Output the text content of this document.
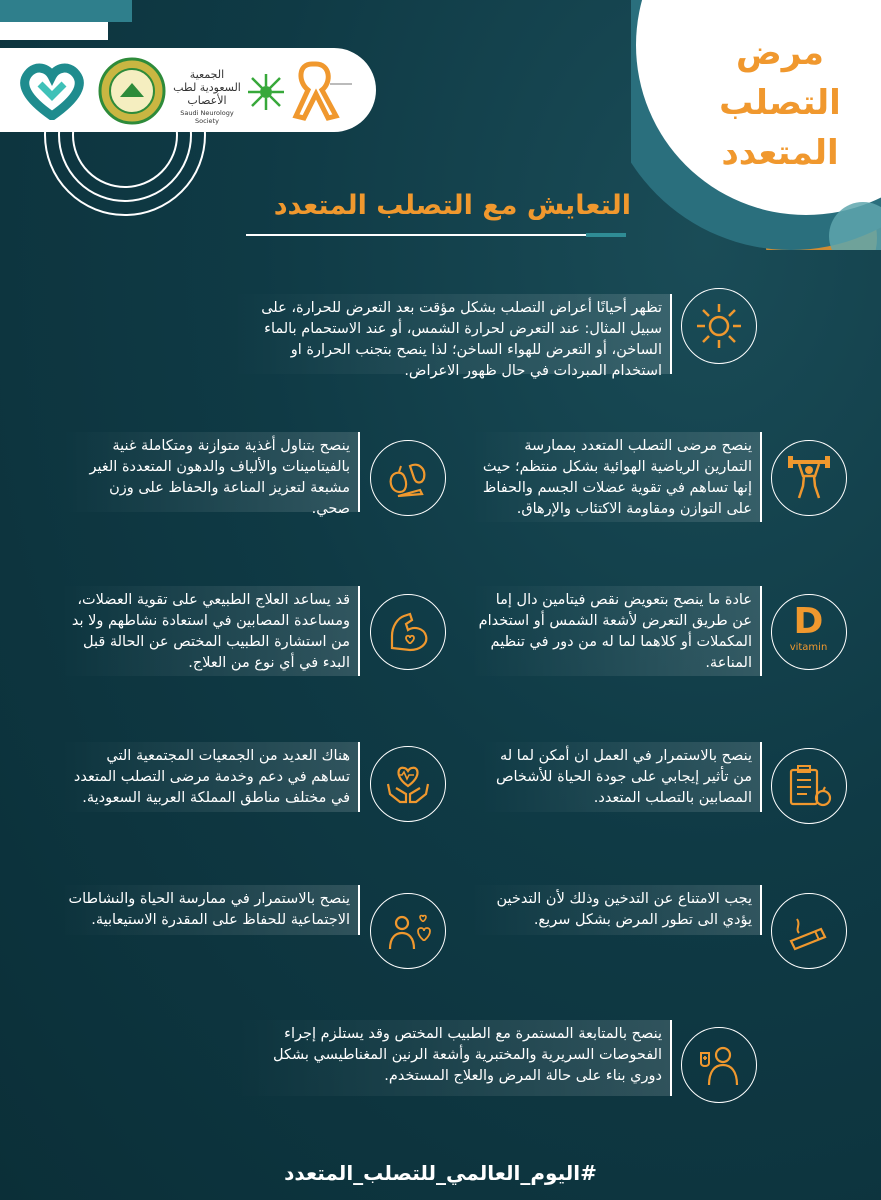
الجمعية السعودية لطب الأعصاب
Saudi Neurology Society
مرض
التصلب
المتعدد
التعايش مع التصلب المتعدد
تظهر أحيانًا أعراض التصلب بشكل مؤقت بعد التعرض للحرارة، على سبيل المثال: عند التعرض لحرارة الشمس، أو عند الاستحمام بالماء الساخن، أو التعرض للهواء الساخن؛ لذا ينصح بتجنب الحرارة او استخدام المبردات في حال ظهور الاعراض.
ينصح مرضى التصلب المتعدد بممارسة التمارين الرياضية الهوائية بشكل منتظم؛ حيث إنها تساهم في تقوية عضلات الجسم والحفاظ على التوازن ومقاومة الاكتئاب والإرهاق.
ينصح بتناول أغذية متوازنة ومتكاملة غنية بالفيتامينات والألياف والدهون المتعددة الغير مشبعة لتعزيز المناعة والحفاظ على وزن صحي.
D
vitamin
عادة ما ينصح بتعويض نقص فيتامين دال إما عن طريق التعرض لأشعة الشمس أو استخدام المكملات أو كلاهما لما له من دور في تنظيم المناعة.
قد يساعد العلاج الطبيعي على تقوية العضلات، ومساعدة المصابين في استعادة نشاطهم ولا بد من استشارة الطبيب المختص عن الحالة قبل البدء في أي نوع من العلاج.
ينصح بالاستمرار في العمل ان أمكن لما له من تأثير إيجابي على جودة الحياة للأشخاص المصابين بالتصلب المتعدد.
هناك العديد من الجمعيات المجتمعية التي تساهم في دعم وخدمة مرضى التصلب المتعدد في مختلف مناطق المملكة العربية السعودية.
يجب الامتناع عن التدخين وذلك لأن التدخين يؤدي الى تطور المرض بشكل سريع.
ينصح بالاستمرار في ممارسة الحياة والنشاطات الاجتماعية للحفاظ على المقدرة الاستيعابية.
ينصح بالمتابعة المستمرة مع الطبيب المختص وقد يستلزم إجراء الفحوصات السريرية والمختبرية وأشعة الرنين المغناطيسي بشكل دوري بناء على حالة المرض والعلاج المستخدم.
#اليوم_العالمي_للتصلب_المتعدد
